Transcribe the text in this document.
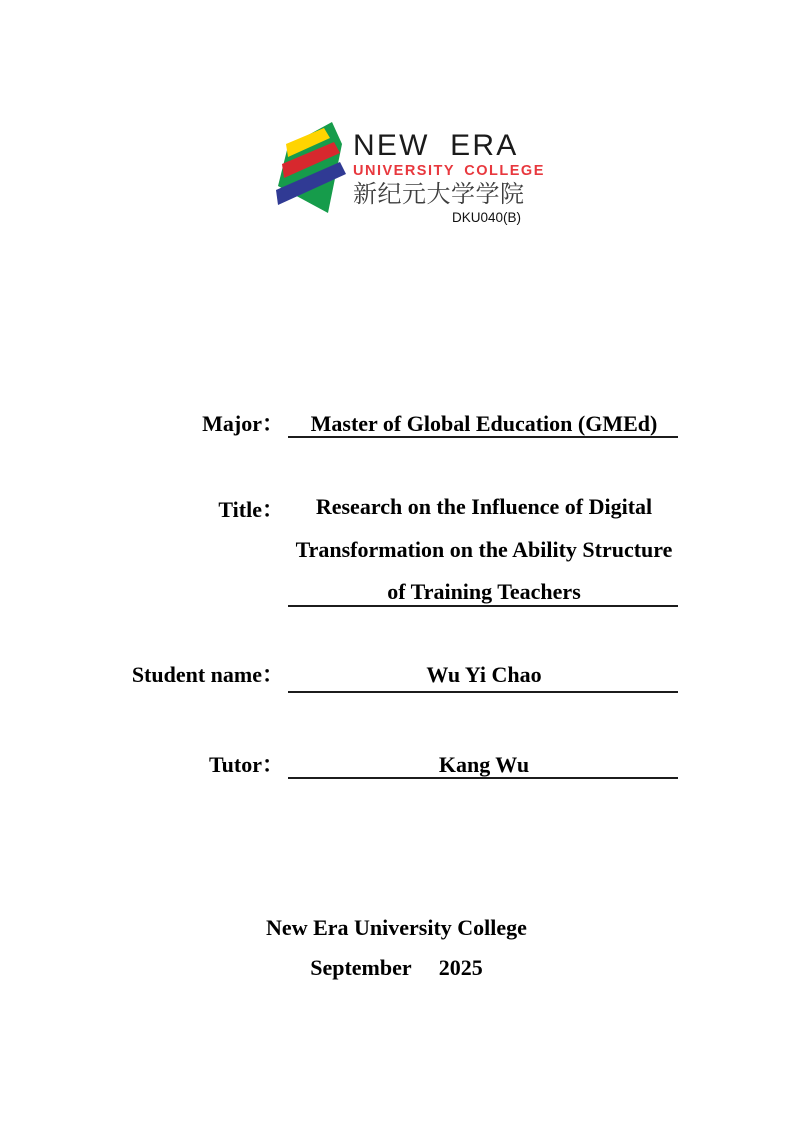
NEW ERA
UNIVERSITY COLLEGE
新纪元大学学院
DKU040(B)
Major：	Master of Global Education (GMEd)
Title：	Research on the Influence of Digital
Transformation on the Ability Structure
of Training Teachers
Student name：	Wu Yi Chao
Tutor：	Kang Wu
New Era University College
September     2025
